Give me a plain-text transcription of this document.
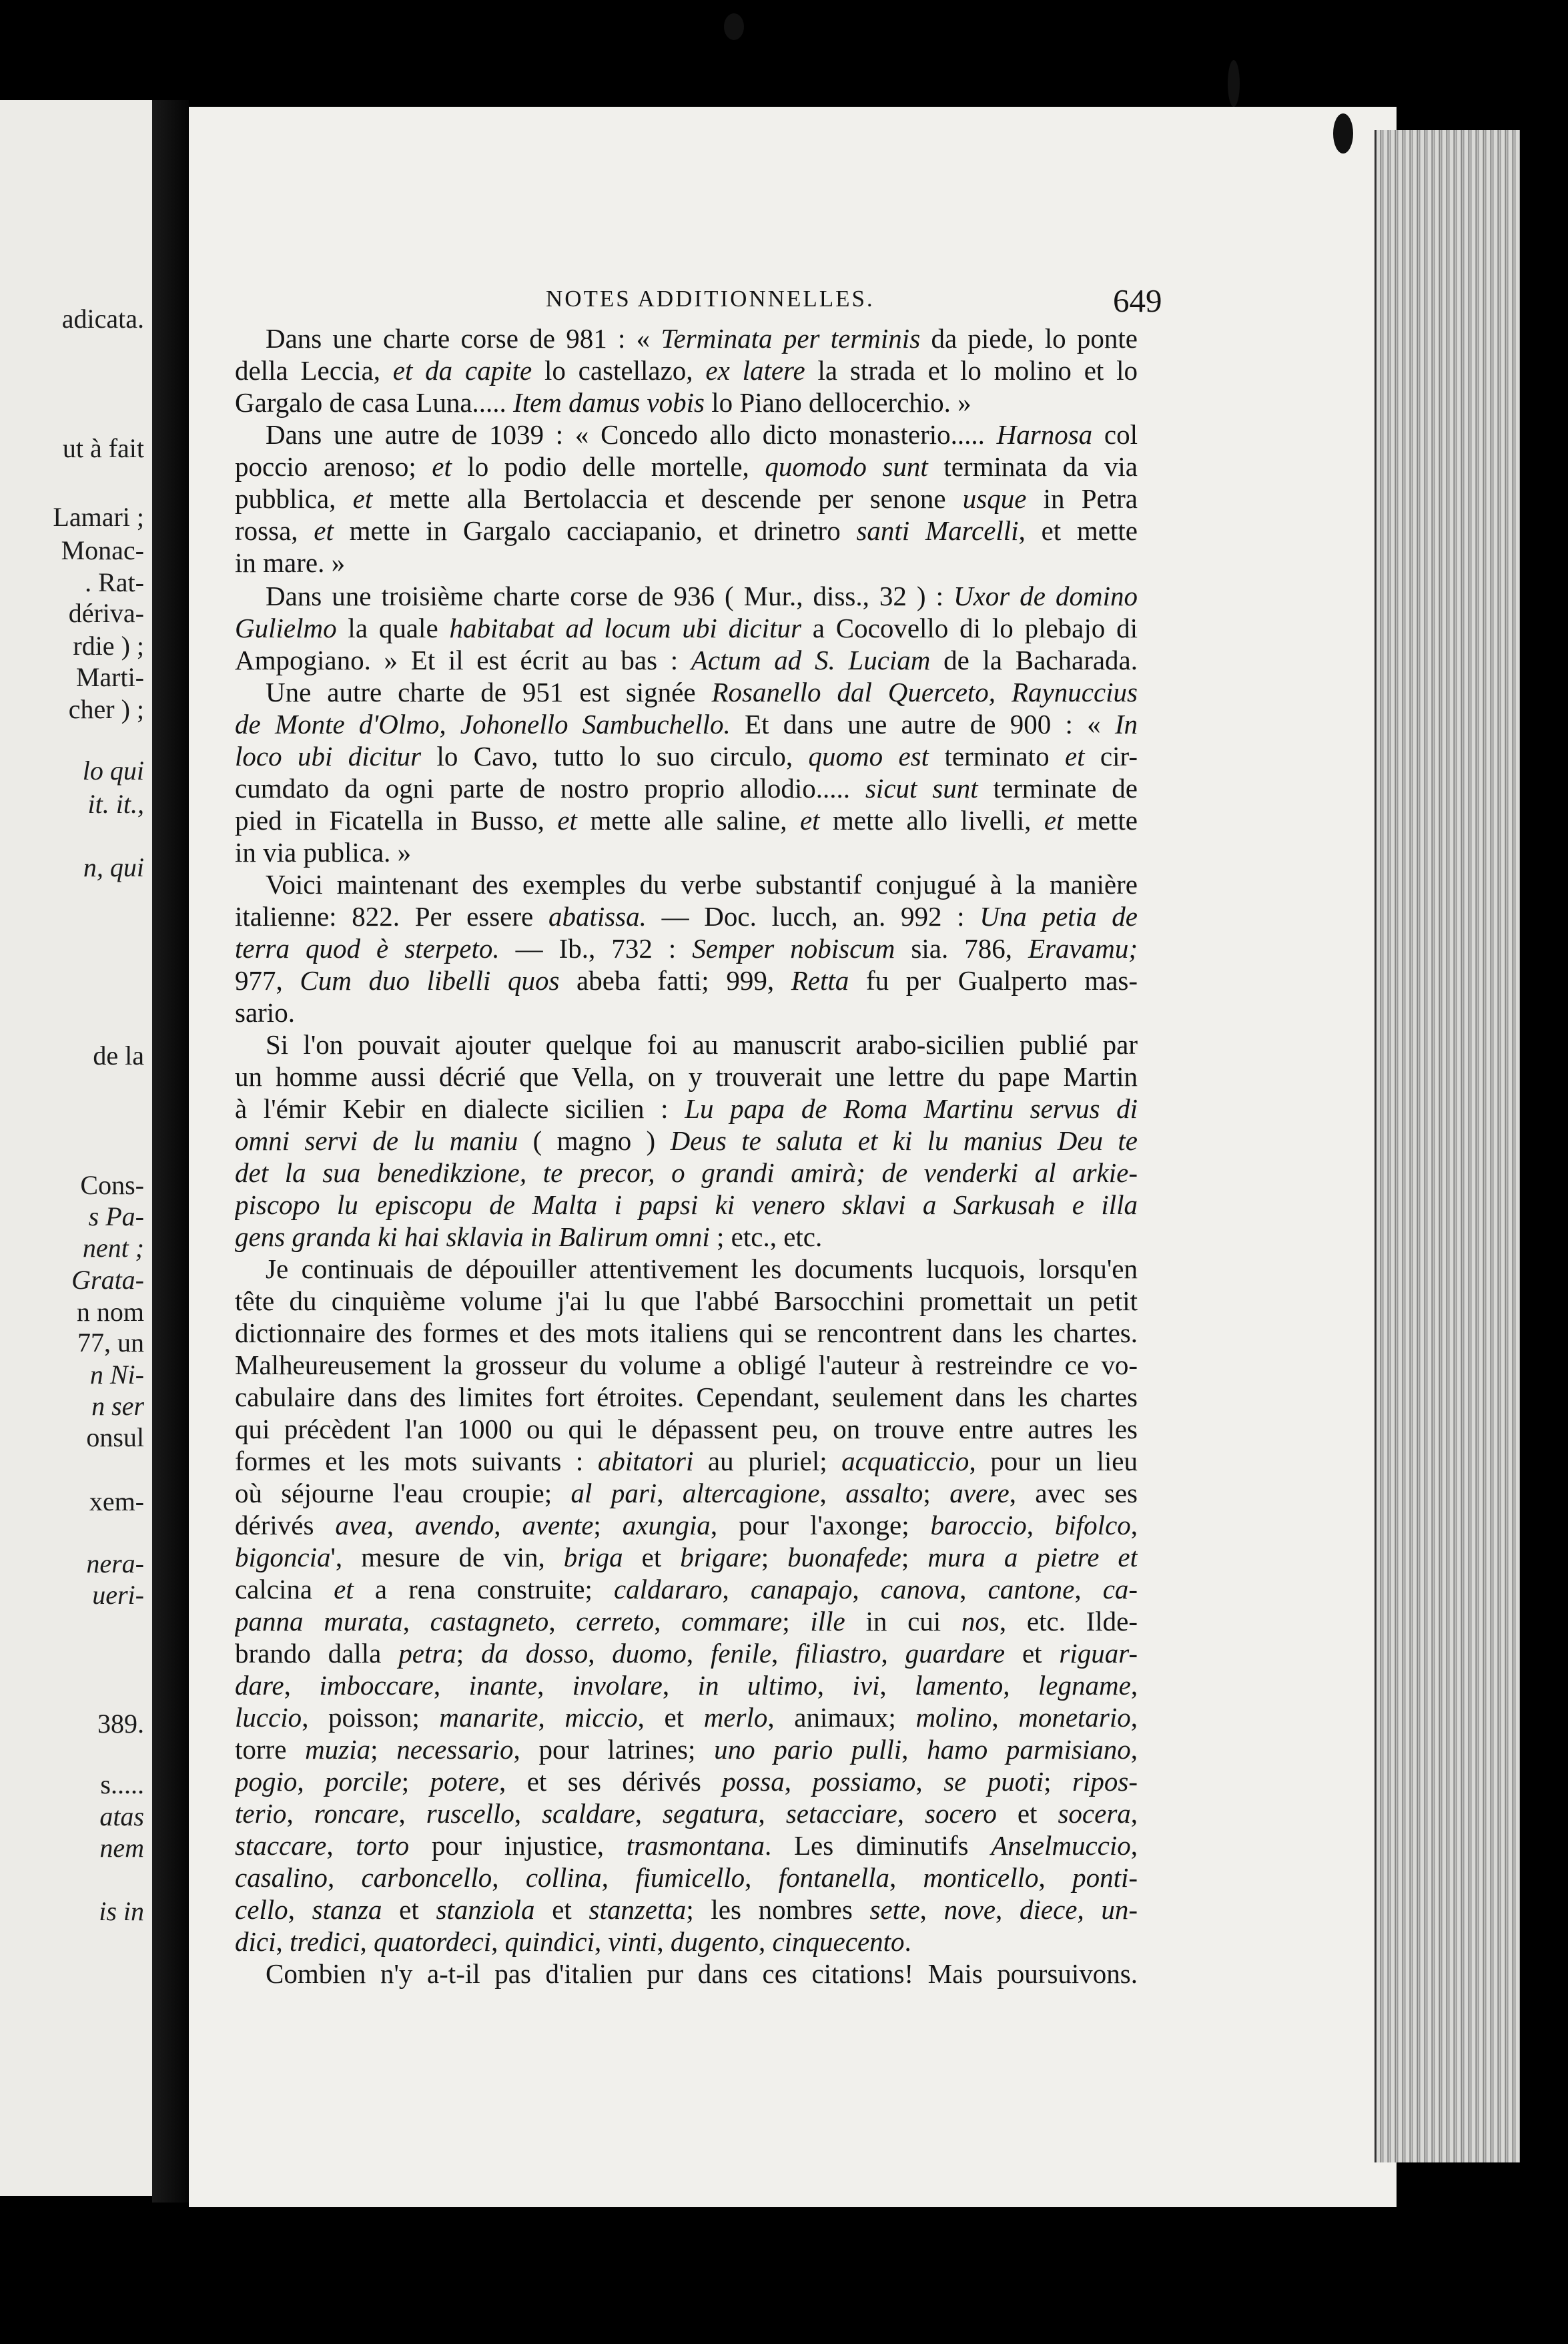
adicata.
ut à fait
Lamari ;
Monac-
. Rat-
dériva-
rdie ) ;
Marti-
cher ) ;
lo qui
it. it.,
n, qui
de la
Cons-
s Pa-
nent ;
Grata-
n nom
77, un
n Ni-
n ser
onsul
xem-
nera-
ueri-
389.
s.....
atas
nem
is in
NOTES ADDITIONNELLES.	649
Dans une charte corse de 981 : « Terminata per terminis da piede, lo ponte
della Leccia, et da capite lo castellazo, ex latere la strada et lo molino et lo
Gargalo de casa Luna..... Item damus vobis lo Piano dellocerchio. »
Dans une autre de 1039 : « Concedo allo dicto monasterio..... Harnosa col
poccio arenoso; et lo podio delle mortelle, quomodo sunt terminata da via
pubblica, et mette alla Bertolaccia et descende per senone usque in Petra
rossa, et mette in Gargalo cacciapanio, et drinetro santi Marcelli, et mette
in mare. »
Dans une troisième charte corse de 936 ( Mur., diss., 32 ) : Uxor de domino
Gulielmo la quale habitabat ad locum ubi dicitur a Cocovello di lo plebajo di
Ampogiano. » Et il est écrit au bas : Actum ad S. Luciam de la Bacharada.
Une autre charte de 951 est signée Rosanello dal Querceto, Raynuccius
de Monte d'Olmo, Johonello Sambuchello. Et dans une autre de 900 : « In
loco ubi dicitur lo Cavo, tutto lo suo circulo, quomo est terminato et cir-
cumdato da ogni parte de nostro proprio allodio..... sicut sunt terminate de
pied in Ficatella in Busso, et mette alle saline, et mette allo livelli, et mette
in via publica. »
Voici maintenant des exemples du verbe substantif conjugué à la manière
italienne: 822. Per essere abatissa. — Doc. lucch, an. 992 : Una petia de
terra quod è sterpeto. — Ib., 732 : Semper nobiscum sia. 786, Eravamu;
977, Cum duo libelli quos abeba fatti; 999, Retta fu per Gualperto mas-
sario.
Si l'on pouvait ajouter quelque foi au manuscrit arabo-sicilien publié par
un homme aussi décrié que Vella, on y trouverait une lettre du pape Martin
à l'émir Kebir en dialecte sicilien : Lu papa de Roma Martinu servus di
omni servi de lu maniu ( magno ) Deus te saluta et ki lu manius Deu te
det la sua benedikzione, te precor, o grandi amirà; de venderki al arkie-
piscopo lu episcopu de Malta i papsi ki venero sklavi a Sarkusah e illa
gens granda ki hai sklavia in Balirum omni ; etc., etc.
Je continuais de dépouiller attentivement les documents lucquois, lorsqu'en
tête du cinquième volume j'ai lu que l'abbé Barsocchini promettait un petit
dictionnaire des formes et des mots italiens qui se rencontrent dans les chartes.
Malheureusement la grosseur du volume a obligé l'auteur à restreindre ce vo-
cabulaire dans des limites fort étroites. Cependant, seulement dans les chartes
qui précèdent l'an 1000 ou qui le dépassent peu, on trouve entre autres les
formes et les mots suivants : abitatori au pluriel; acquaticcio, pour un lieu
où séjourne l'eau croupie; al pari, altercagione, assalto; avere, avec ses
dérivés avea, avendo, avente; axungia, pour l'axonge; baroccio, bifolco,
bigoncia', mesure de vin, briga et brigare; buonafede; mura a pietre et
calcina et a rena construite; caldararo, canapajo, canova, cantone, ca-
panna murata, castagneto, cerreto, commare; ille in cui nos, etc. Ilde-
brando dalla petra; da dosso, duomo, fenile, filiastro, guardare et riguar-
dare, imboccare, inante, involare, in ultimo, ivi, lamento, legname,
luccio, poisson; manarite, miccio, et merlo, animaux; molino, monetario,
torre muzia; necessario, pour latrines; uno pario pulli, hamo parmisiano,
pogio, porcile; potere, et ses dérivés possa, possiamo, se puoti; ripos-
terio, roncare, ruscello, scaldare, segatura, setacciare, socero et socera,
staccare, torto pour injustice, trasmontana. Les diminutifs Anselmuccio,
casalino, carboncello, collina, fiumicello, fontanella, monticello, ponti-
cello, stanza et stanziola et stanzetta; les nombres sette, nove, diece, un-
dici, tredici, quatordeci, quindici, vinti, dugento, cinquecento.
Combien n'y a-t-il pas d'italien pur dans ces citations! Mais poursuivons.
